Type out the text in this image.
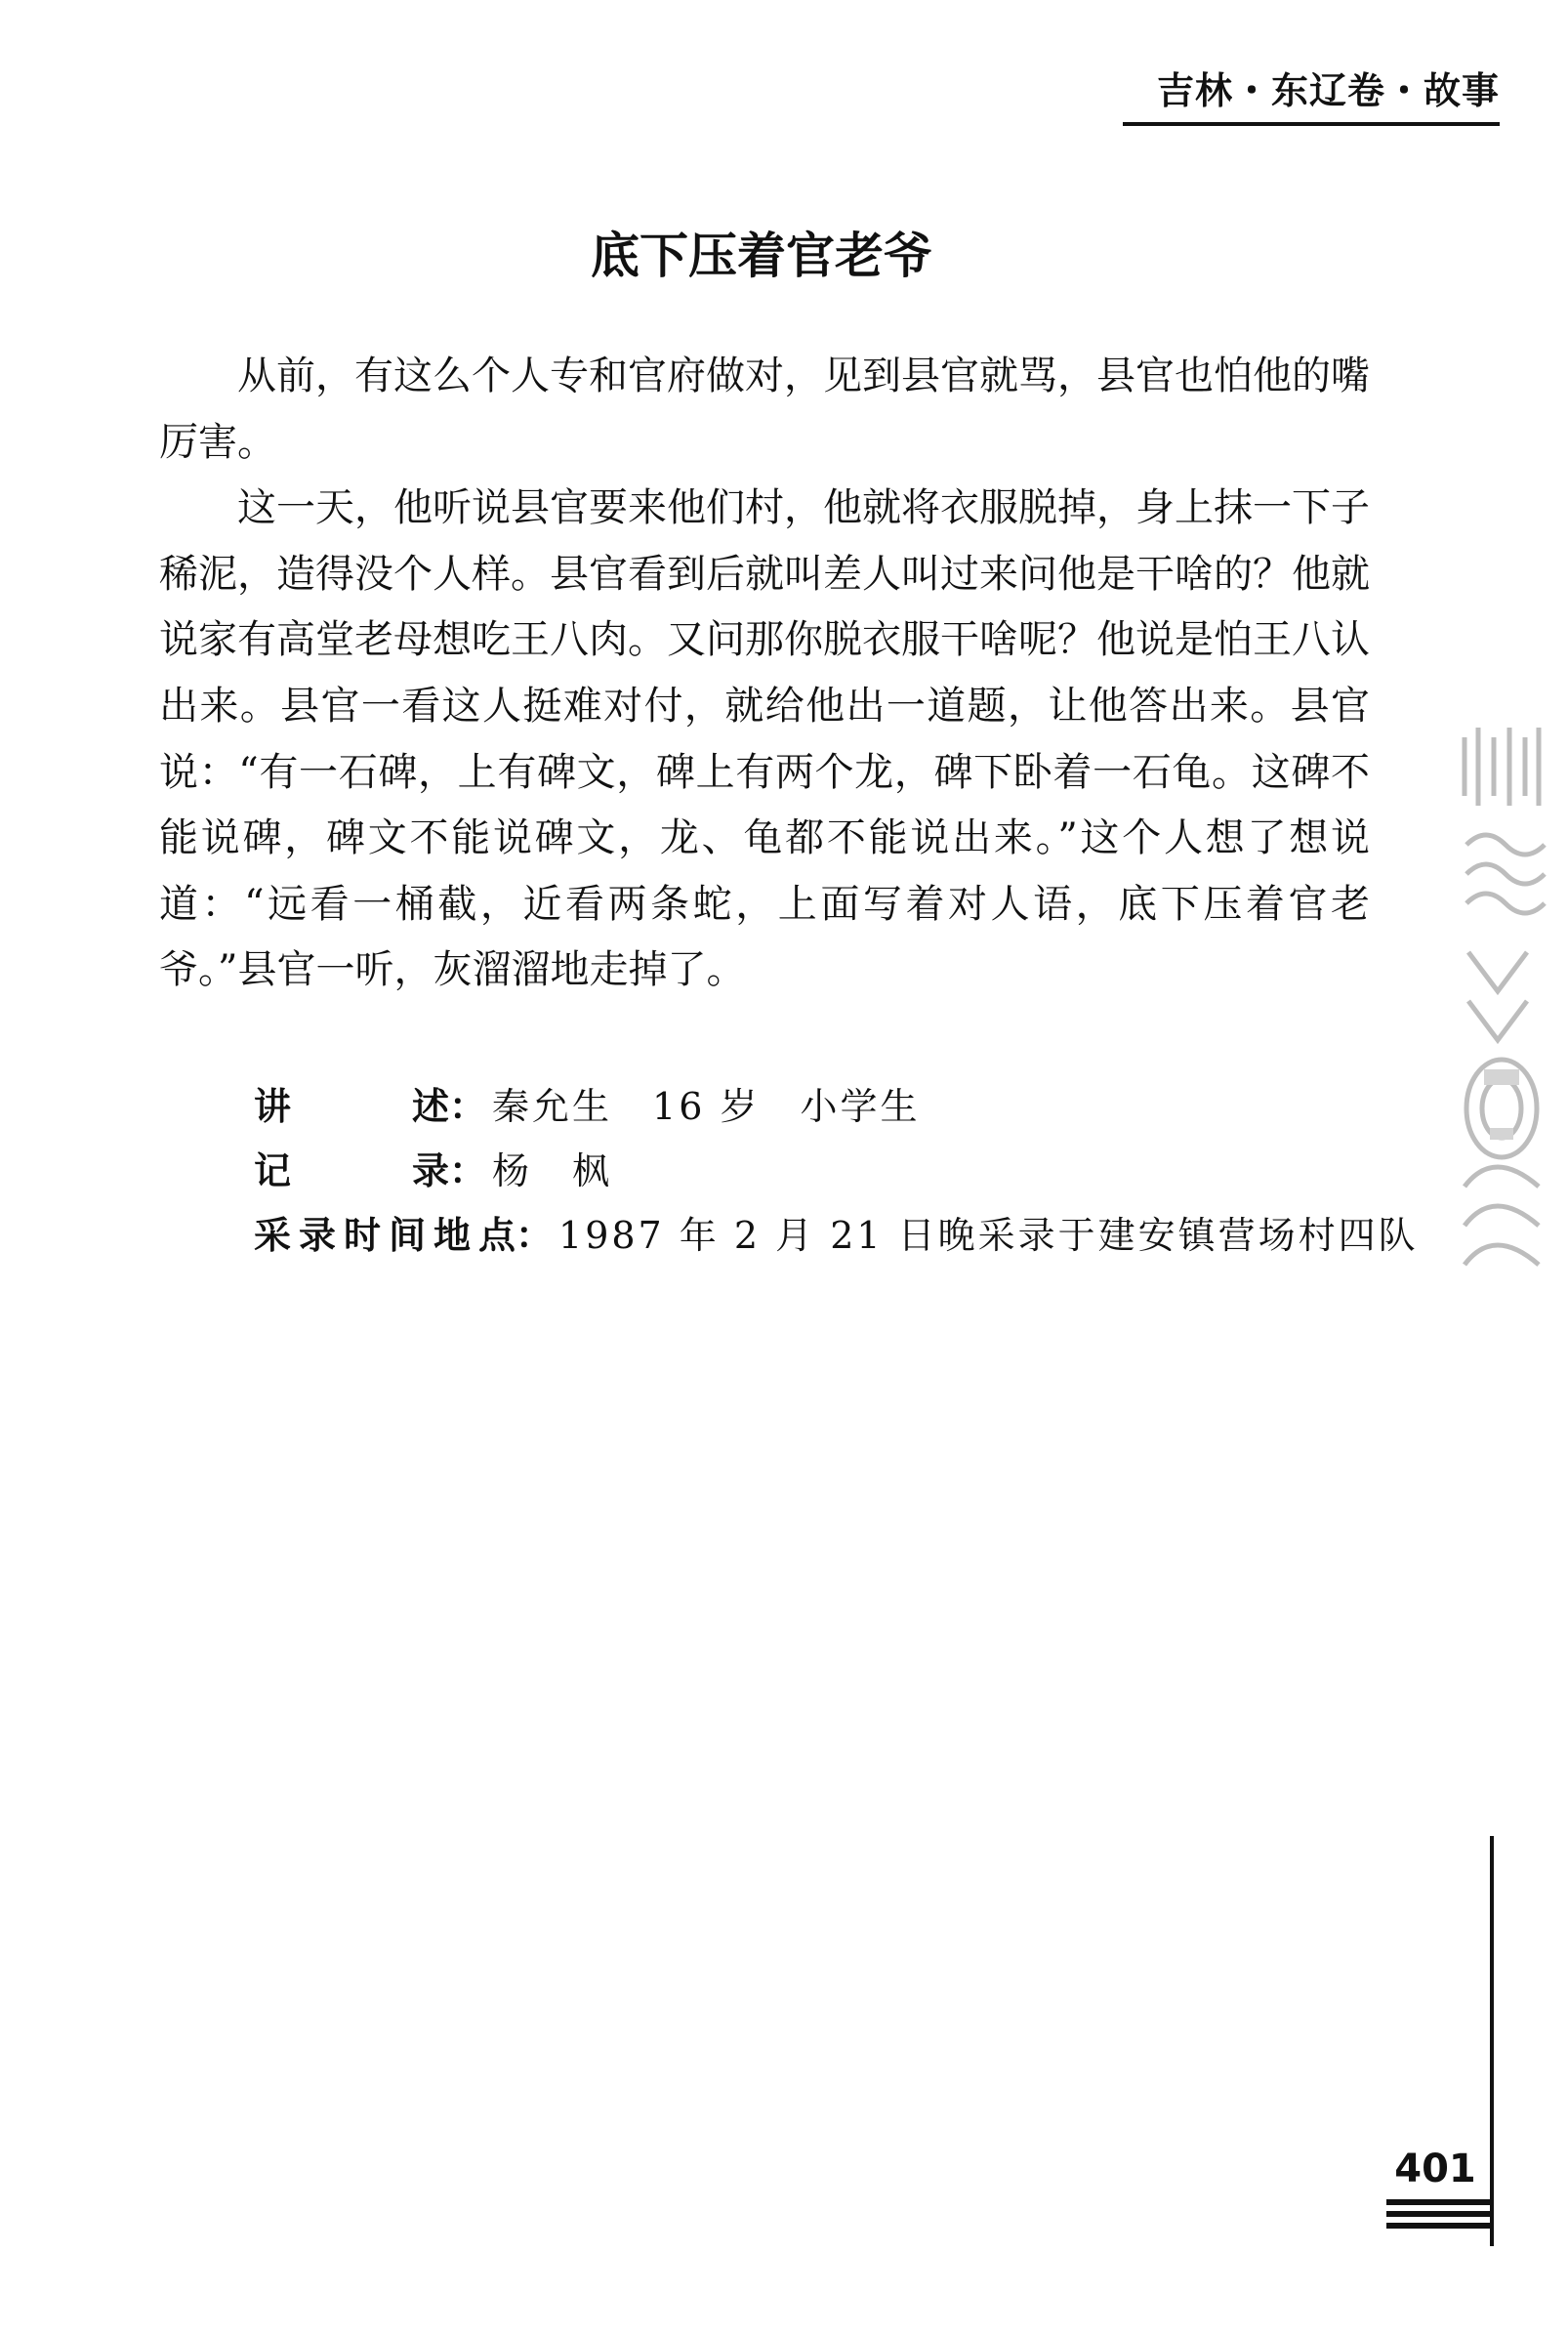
吉林・东辽卷・故事
底下压着官老爷

从前，有这么个人专和官府做对，见到县官就骂，县官也怕他的嘴厉害。

这一天，他听说县官要来他们村，他就将衣服脱掉，身上抹一下子稀泥，造得没个人样。县官看到后就叫差人叫过来问他是干啥的？他就说家有高堂老母想吃王八肉。又问那你脱衣服干啥呢？他说是怕王八认出来。县官一看这人挺难对付，就给他出一道题，让他答出来。县官说：“有一石碑，上有碑文，碑上有两个龙，碑下卧着一石龟。这碑不能说碑，碑文不能说碑文，龙、龟都不能说出来。”这个人想了想说道：“远看一桶截，近看两条蛇，上面写着对人语，底下压着官老爷。”县官一听，灰溜溜地走掉了。

讲述： 秦允生　16 岁　小学生
记录： 杨　枫
采录时间地点： 1987 年 2 月 21 日晚采录于建安镇营场村四队
401
